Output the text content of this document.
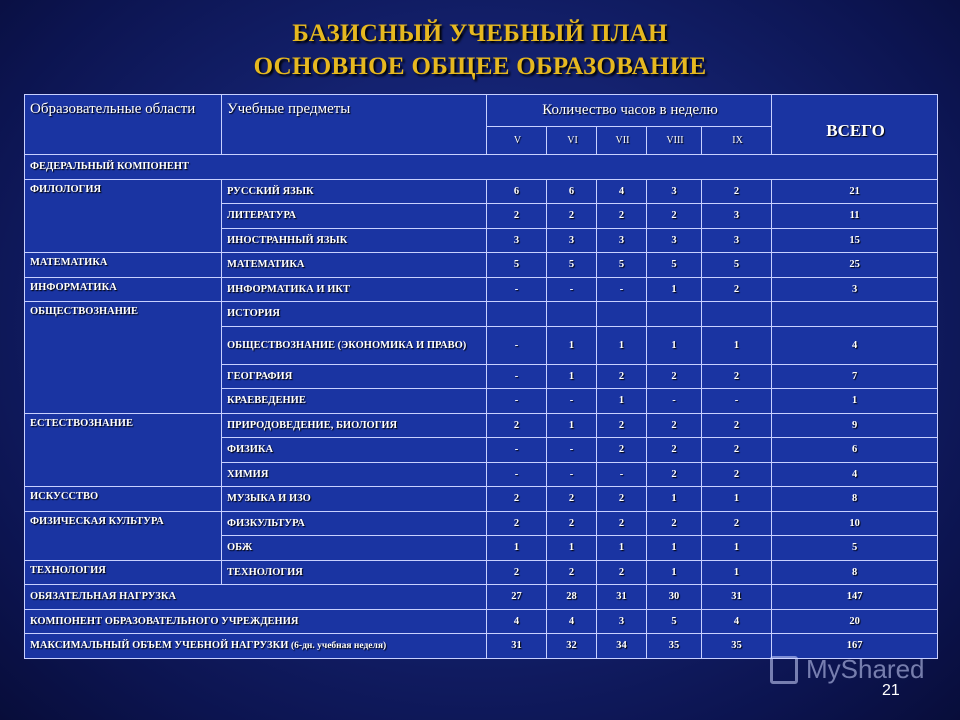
БАЗИСНЫЙ УЧЕБНЫЙ ПЛАН
ОСНОВНОЕ ОБЩЕЕ ОБРАЗОВАНИЕ
Образовательные области	Учебные предметы	Количество часов в неделю					ВСЕГО
		V	VI	VII	VIII	IX	
ФЕДЕРАЛЬНЫЙ КОМПОНЕНТ							
ФИЛОЛОГИЯ	РУССКИЙ ЯЗЫК	6	6	4	3	2	21
	ЛИТЕРАТУРА	2	2	2	2	3	11
	ИНОСТРАННЫЙ ЯЗЫК	3	3	3	3	3	15
МАТЕМАТИКА	МАТЕМАТИКА	5	5	5	5	5	25
ИНФОРМАТИКА	ИНФОРМАТИКА И ИКТ	-	-	-	1	2	3
ОБЩЕСТВОЗНАНИЕ	ИСТОРИЯ						
	ОБЩЕСТВОЗНАНИЕ (ЭКОНОМИКА И ПРАВО)	-	1	1	1	1	4
	ГЕОГРАФИЯ	-	1	2	2	2	7
	КРАЕВЕДЕНИЕ	-	-	1	-	-	1
ЕСТЕСТВОЗНАНИЕ	ПРИРОДОВЕДЕНИЕ, БИОЛОГИЯ	2	1	2	2	2	9
	ФИЗИКА	-	-	2	2	2	6
	ХИМИЯ	-	-	-	2	2	4
ИСКУССТВО	МУЗЫКА И ИЗО	2	2	2	1	1	8
ФИЗИЧЕСКАЯ КУЛЬТУРА	ФИЗКУЛЬТУРА	2	2	2	2	2	10
	ОБЖ	1	1	1	1	1	5
ТЕХНОЛОГИЯ	ТЕХНОЛОГИЯ	2	2	2	1	1	8
ОБЯЗАТЕЛЬНАЯ НАГРУЗКА		27	28	31	30	31	147
КОМПОНЕНТ ОБРАЗОВАТЕЛЬНОГО УЧРЕЖДЕНИЯ		4	4	3	5	4	20
МАКСИМАЛЬНЫЙ ОБЪЕМ УЧЕБНОЙ НАГРУЗКИ (6-дн. учебная неделя)		31	32	34	35	35	167
MyShared
21
